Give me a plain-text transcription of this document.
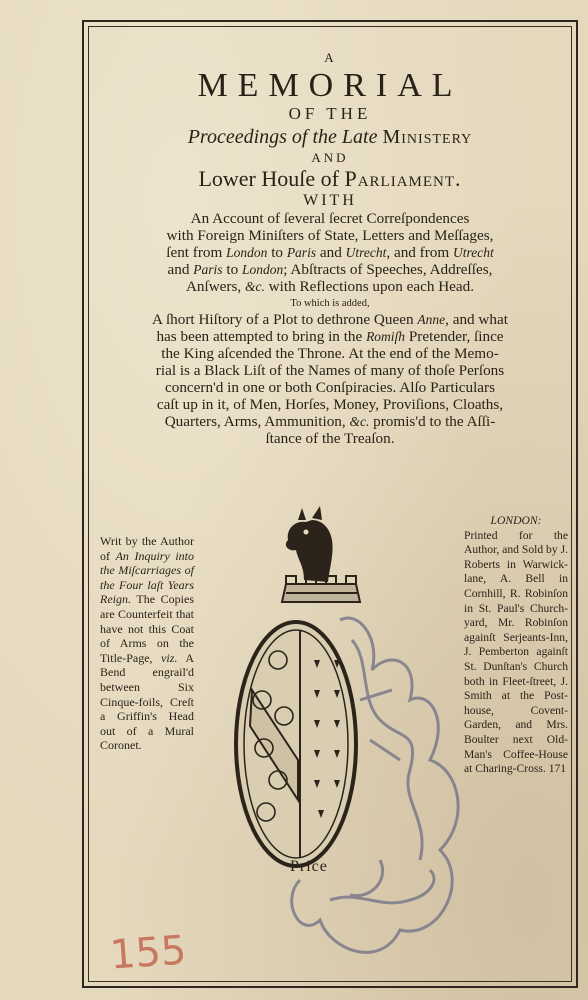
A
MEMORIAL
OF THE
Proceedings of the Late Ministery
AND
Lower Houſe of Parliament.
WITH
An Account of ſeveral ſecret Correſpondences
with Foreign Miniſters of State, Letters and Meſſages,
ſent from London to Paris and Utrecht, and from Utrecht
and Paris to London; Abſtracts of Speeches, Addreſſes,
Anſwers, &c. with Reflections upon each Head.
To which is added,
A ſhort Hiſtory of a Plot to dethrone Queen Anne, and what
has been attempted to bring in the Romiſh Pretender, ſince
the King aſcended the Throne. At the end of the Memo-
rial is a Black Liſt of the Names of many of thoſe Perſons
concern'd in one or both Conſpiracies. Alſo Particulars
caſt up in it, of Men, Horſes, Money, Proviſions, Cloaths,
Quarters, Arms, Ammunition, &c. promis'd to the Aſſi-
ſtance of the Treaſon.
Writ by the Author of An Inquiry into the Miſcarriages of the Four laſt Years Reign. The Copies are Counterfeit that have not this Coat of Arms on the Title-Page, viz. A Bend engrail'd between Six Cinque-foils, Creſt a Griffin's Head out of a Mural Coronet.
LONDON:
Printed for the Author, and Sold by J. Roberts in Warwick-lane, A. Bell in Cornhill, R. Robinſon in St. Paul's Church-yard, Mr. Robinſon againſt Serjeants-Inn, J. Pemberton againſt St. Dunſtan's Church both in Fleet-ſtreet, J. Smith at the Post-house, Covent-Garden, and Mrs. Boulter next Old-Man's Coffee-House at Charing-Cross. 171
Price
155
